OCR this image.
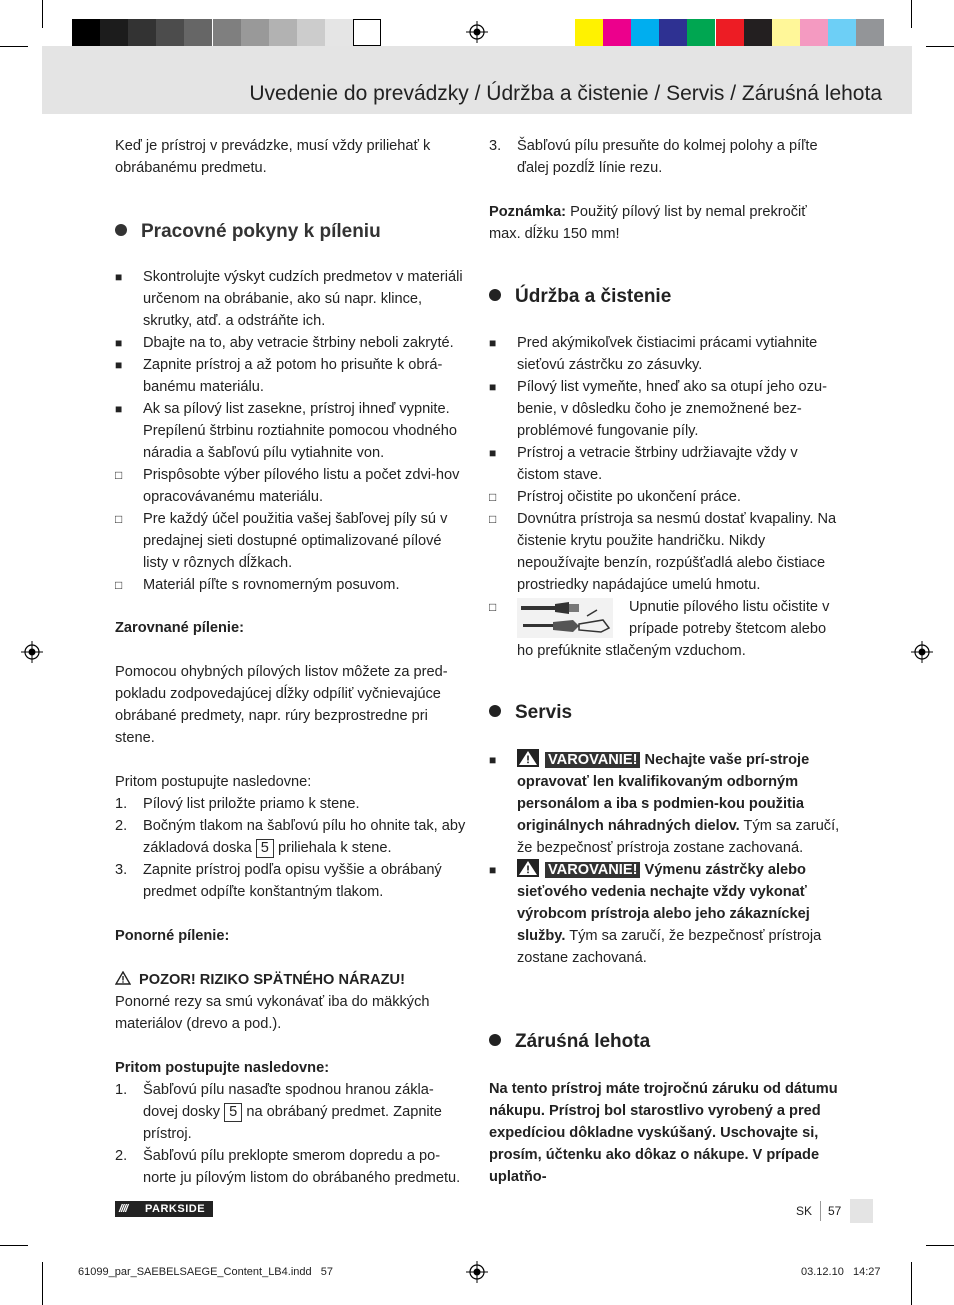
Uvedenie do prevádzky / Údržba a čistenie / Servis / Záruśná lehota

Keď je prístroj v prevádzke, musí vždy priliehať k obrábanému predmetu.

Pracovné pokyny k píleniu
■ Skontrolujte výskyt cudzích predmetov v materiáli určenom na obrábanie, ako sú napr. klince, skrutky, atď. a odstráňte ich.
■ Dbajte na to, aby vetracie štrbiny neboli zakryté.
■ Zapnite prístroj a až potom ho prisuňte k obrá-banému materiálu.
■ Ak sa pílový list zasekne, prístroj ihneď vypnite. Prepílenú štrbinu roztiahnite pomocou vhodného náradia a šabľovú pílu vytiahnite von.
□ Prispôsobte výber pílového listu a počet zdvi-hov opracovávanému materiálu.
□ Pre každý účel použitia vašej šabľovej píly sú v predajnej sieti dostupné optimalizované pílové listy v rôznych dĺžkach.
□ Materiál píľte s rovnomerným posuvom.

Zarovnané pílenie:

Pomocou ohybných pílových listov môžete za pred-pokladu zodpovedajúcej dĺžky odpíliť vyčnievajúce obrábané predmety, napr. rúry bezprostredne pri stene.

Pritom postupujte nasledovne:

1. Pílový list priložte priamo k stene.
2. Bočným tlakom na šabľovú pílu ho ohnite tak, aby základová doska 5 priliehala k stene.
3. Zapnite prístroj podľa opisu vyššie a obrábaný predmet odpíľte konštantným tlakom.

Ponorné pílenie:

POZOR! RIZIKO SPÄTNÉHO NÁRAZU!

Ponorné rezy sa smú vykonávať iba do mäkkých materiálov (drevo a pod.).

Pritom postupujte nasledovne:

1. Šabľovú pílu nasaďte spodnou hranou zákla-dovej dosky 5 na obrábaný predmet. Zapnite prístroj.
2. Šabľovú pílu preklopte smerom dopredu a po-norte ju pílovým listom do obrábaného predmetu.
3. Šabľovú pílu presuňte do kolmej polohy a píľte ďalej pozdĺž línie rezu.

Poznámka: Použitý pílový list by nemal prekročiť max. dĺžku 150 mm!

Údržba a čistenie
■ Pred akýmikoľvek čistiacimi prácami vytiahnite sieťovú zástrčku zo zásuvky.
■ Pílový list vymeňte, hneď ako sa otupí jeho ozu-benie, v dôsledku čoho je znemožnené bez-problémové fungovanie píly.
■ Prístroj a vetracie štrbiny udržiavajte vždy v čistom stave.
□ Prístroj očistite po ukončení práce.
□ Dovnútra prístroja sa nesmú dostať kvapaliny. Na čistenie krytu použite handričku. Nikdy nepoužívajte benzín, rozpúšťadlá alebo čistiace prostriedky napádajúce umelú hmotu.
□	Upnutie pílového listu očistite v prípade potreby štetcom alebo ho prefúknite stlačeným vzduchom.
Servis
■	VAROVANIE! Nechajte vaše prí-stroje opravovať len kvalifikovaným odborným personálom a iba s podmien-kou použitia originálnych náhradných dielov. Tým sa zaručí, že bezpečnosť prístroja zostane zachovaná.
■	VAROVANIE! Výmenu zástrčky alebo sieťového vedenia nechajte vždy vykonať výrobcom prístroja alebo jeho zákazníckej služby. Tým sa zaručí, že bezpečnosť prístroja zostane zachovaná.
Záruśná lehota

Na tento prístroj máte trojročnú záruku od dátumu nákupu. Prístroj bol starostlivo vyrobený a pred expedíciou dôkladne vyskúšaný. Uschovajte si, prosím, účtenku ako dôkaz o nákupe. V prípade uplatňo-

//// PARKSIDE	SK 57
61099_par_SAEBELSAEGE_Content_LB4.indd   57	03.12.10   14:27
